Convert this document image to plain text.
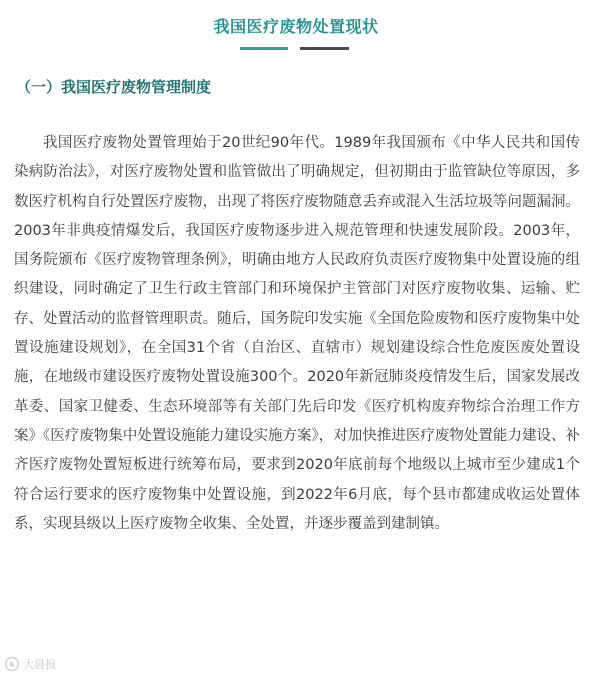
我国医疗废物处置现状
（一）我国医疗废物管理制度

我国医疗废物处置管理始于20世纪90年代。1989年我国颁布《中华人民共和国传染病防治法》，对医疗废物处置和监管做出了明确规定，但初期由于监管缺位等原因，多数医疗机构自行处置医疗废物，出现了将医疗废物随意丢弃或混入生活垃圾等问题漏洞。2003年非典疫情爆发后，我国医疗废物逐步进入规范管理和快速发展阶段。2003年，国务院颁布《医疗废物管理条例》，明确由地方人民政府负责医疗废物集中处置设施的组织建设，同时确定了卫生行政主管部门和环境保护主管部门对医疗废物收集、运输、贮存、处置活动的监督管理职责。随后，国务院印发实施《全国危险废物和医疗废物集中处置设施建设规划》，在全国31个省（自治区、直辖市）规划建设综合性危废医废处置设施，在地级市建设医疗废物处置设施300个。2020年新冠肺炎疫情发生后，国家发展改革委、国家卫健委、生态环境部等有关部门先后印发《医疗机构废弃物综合治理工作方案》《医疗废物集中处置设施能力建设实施方案》，对加快推进医疗废物处置能力建设、补齐医疗废物处置短板进行统筹布局，要求到2020年底前每个地级以上城市至少建成1个符合运行要求的医疗废物集中处置设施，到2022年6月底，每个县市都建成收运处置体系，实现县级以上医疗废物全收集、全处置，并逐步覆盖到建制镇。

大晨报
